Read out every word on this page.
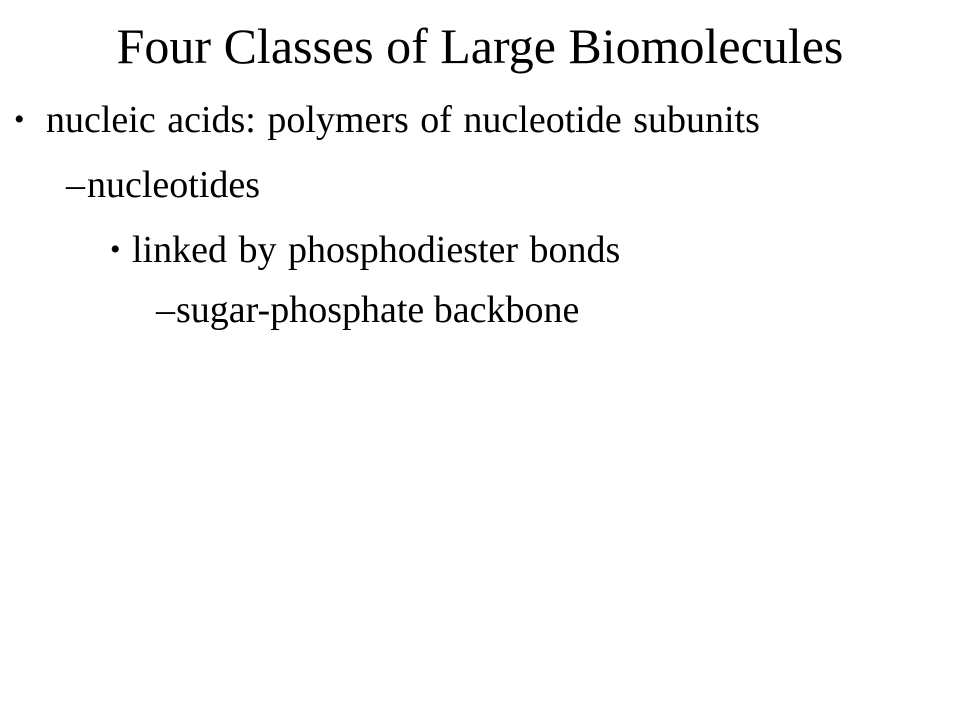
Four Classes of Large Biomolecules
• nucleic acids: polymers of nucleotide subunits
– nucleotides
• linked by phosphodiester bonds
– sugar-phosphate backbone
